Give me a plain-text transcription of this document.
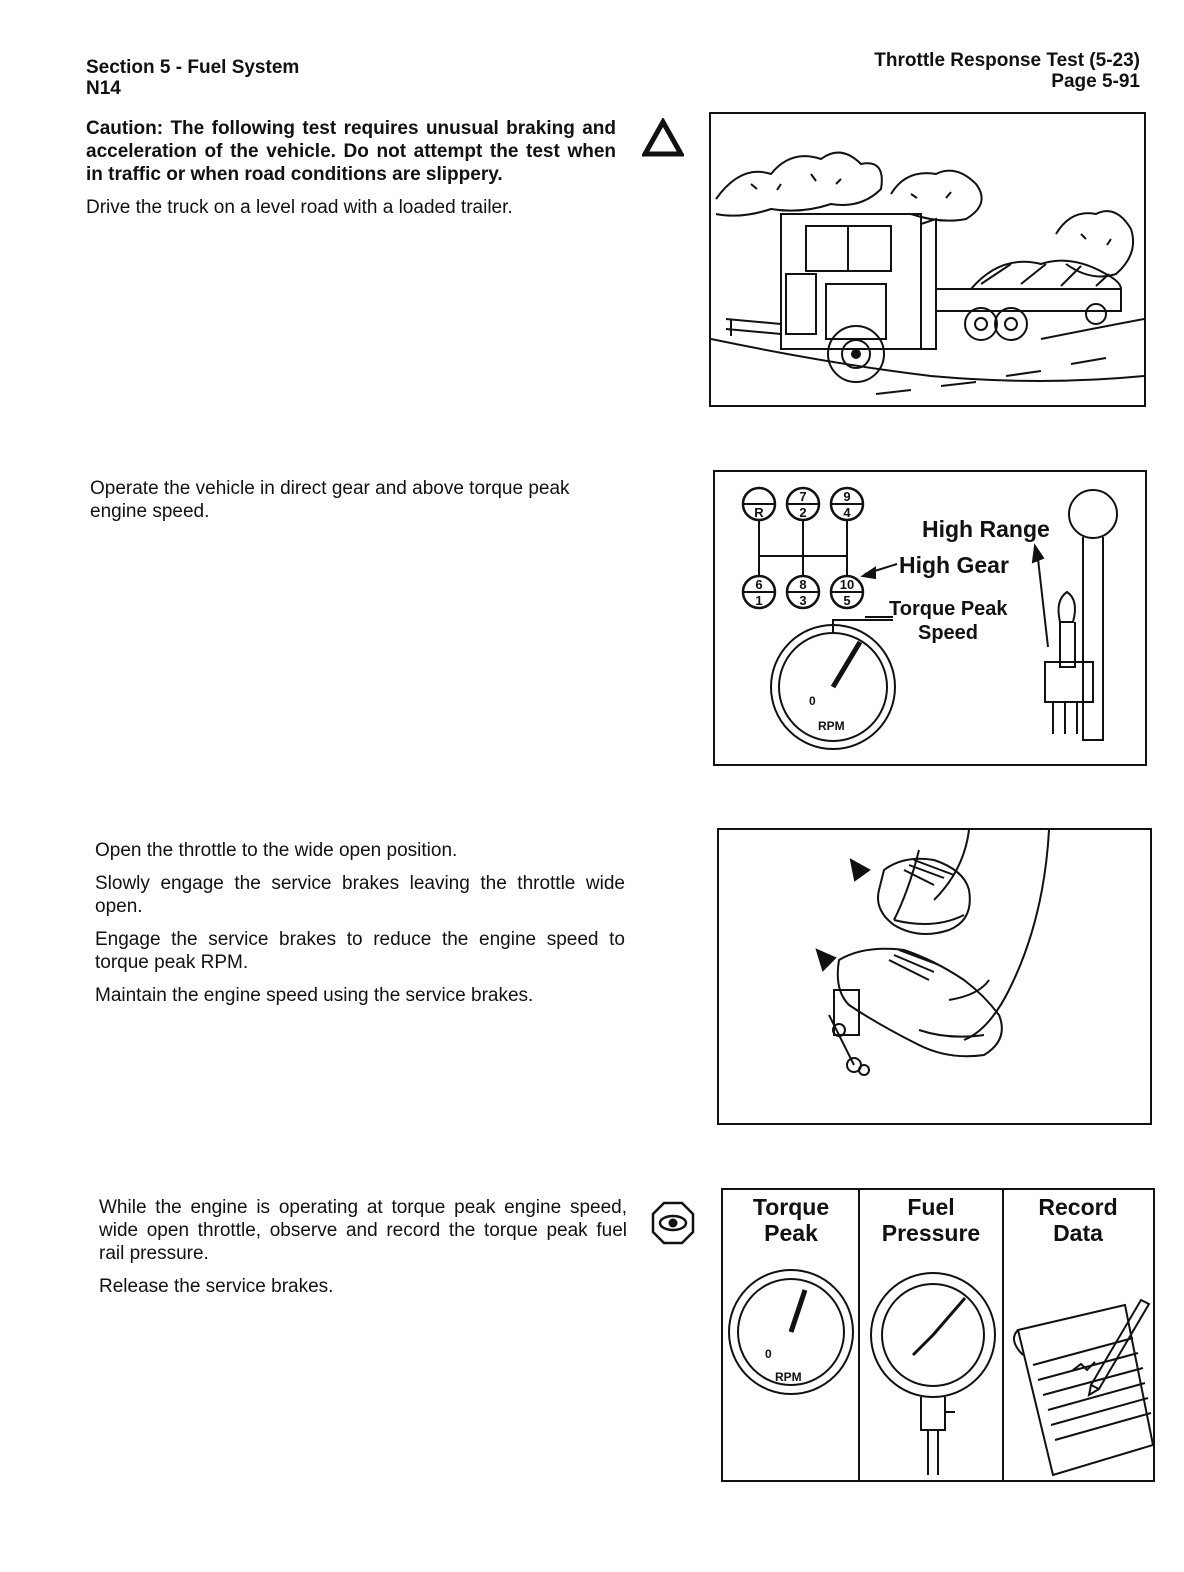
Section 5 - Fuel System
N14
Throttle Response Test (5-23)
Page 5-91

Caution: The following test requires unusual braking and acceleration of the vehicle. Do not attempt the test when in traffic or when road conditions are slippery.

Drive the truck on a level road with a loaded trailer.

Operate the vehicle in direct gear and above torque peak engine speed.	R
7
2
9
4
6
1
8
3
10
5
High Range
High Gear
Torque Peak
Speed
RPM
0

Open the throttle to the wide open position.

Slowly engage the service brakes leaving the throttle wide open.

Engage the service brakes to reduce the engine speed to torque peak RPM.

Maintain the engine speed using the service brakes.

While the engine is operating at torque peak engine speed, wide open throttle, observe and record the torque peak fuel rail pressure.

Release the service brakes.

Torque
Peak
Fuel
Pressure
Record
Data
RPM
0
